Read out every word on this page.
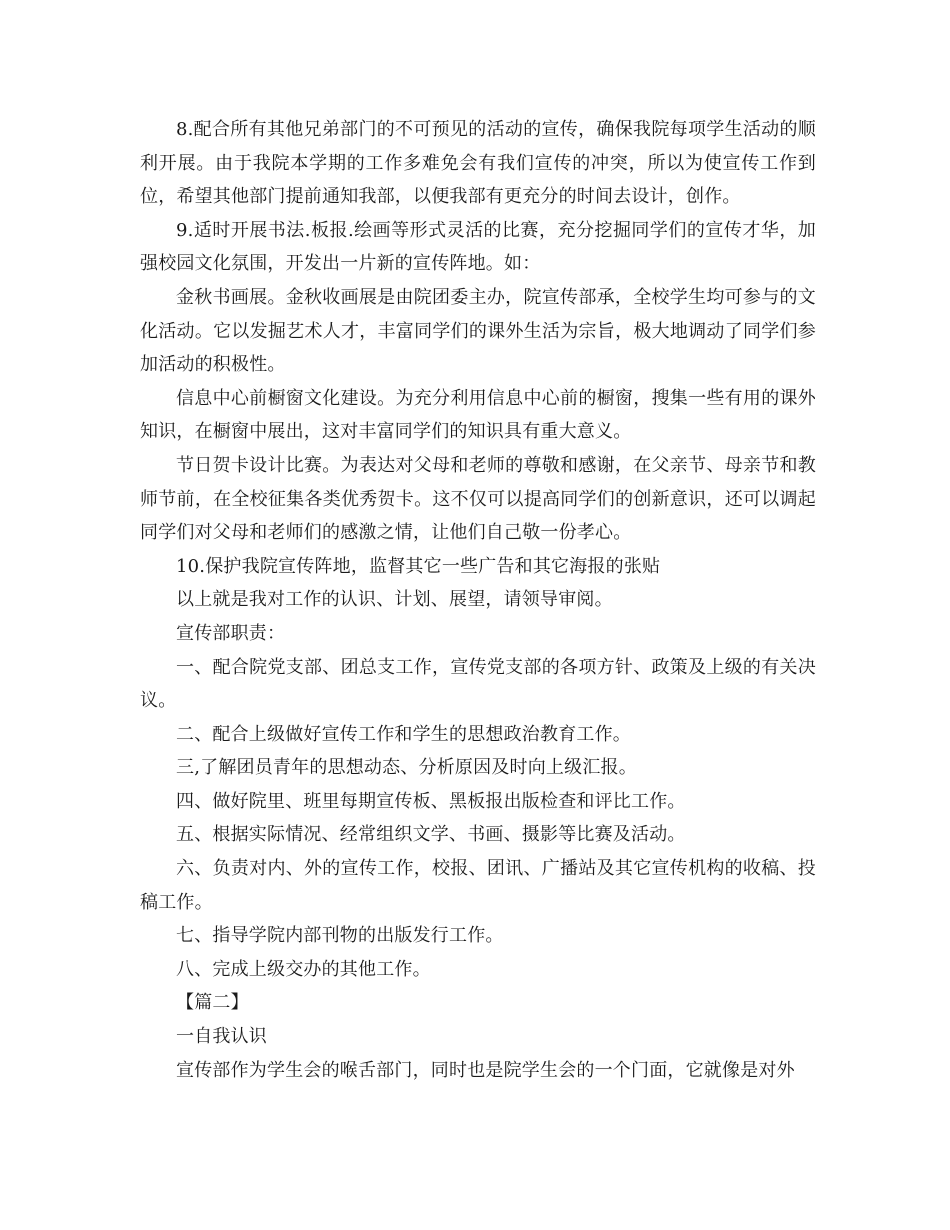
8.配合所有其他兄弟部门的不可预见的活动的宣传，确保我院每项学生活动的顺利开展。由于我院本学期的工作多难免会有我们宣传的冲突，所以为使宣传工作到位，希望其他部门提前通知我部，以便我部有更充分的时间去设计，创作。

9.适时开展书法.板报.绘画等形式灵活的比赛，充分挖掘同学们的宣传才华，加强校园文化氛围，开发出一片新的宣传阵地。如：

金秋书画展。金秋收画展是由院团委主办，院宣传部承，全校学生均可参与的文化活动。它以发掘艺术人才，丰富同学们的课外生活为宗旨，极大地调动了同学们参加活动的积极性。

信息中心前橱窗文化建设。为充分利用信息中心前的橱窗，搜集一些有用的课外知识，在橱窗中展出，这对丰富同学们的知识具有重大意义。

节日贺卡设计比赛。为表达对父母和老师的尊敬和感谢，在父亲节、母亲节和教师节前，在全校征集各类优秀贺卡。这不仅可以提高同学们的创新意识，还可以调起同学们对父母和老师们的感激之情，让他们自己敬一份孝心。

10.保护我院宣传阵地，监督其它一些广告和其它海报的张贴

以上就是我对工作的认识、计划、展望，请领导审阅。

宣传部职责：

一、配合院党支部、团总支工作，宣传党支部的各项方针、政策及上级的有关决议。

二、配合上级做好宣传工作和学生的思想政治教育工作。

三,了解团员青年的思想动态、分析原因及时向上级汇报。

四、做好院里、班里每期宣传板、黑板报出版检查和评比工作。

五、根据实际情况、经常组织文学、书画、摄影等比赛及活动。

六、负责对内、外的宣传工作，校报、团讯、广播站及其它宣传机构的收稿、投稿工作。

七、指导学院内部刊物的出版发行工作。

八、完成上级交办的其他工作。

【篇二】

一自我认识

宣传部作为学生会的喉舌部门，同时也是院学生会的一个门面，它就像是对外
